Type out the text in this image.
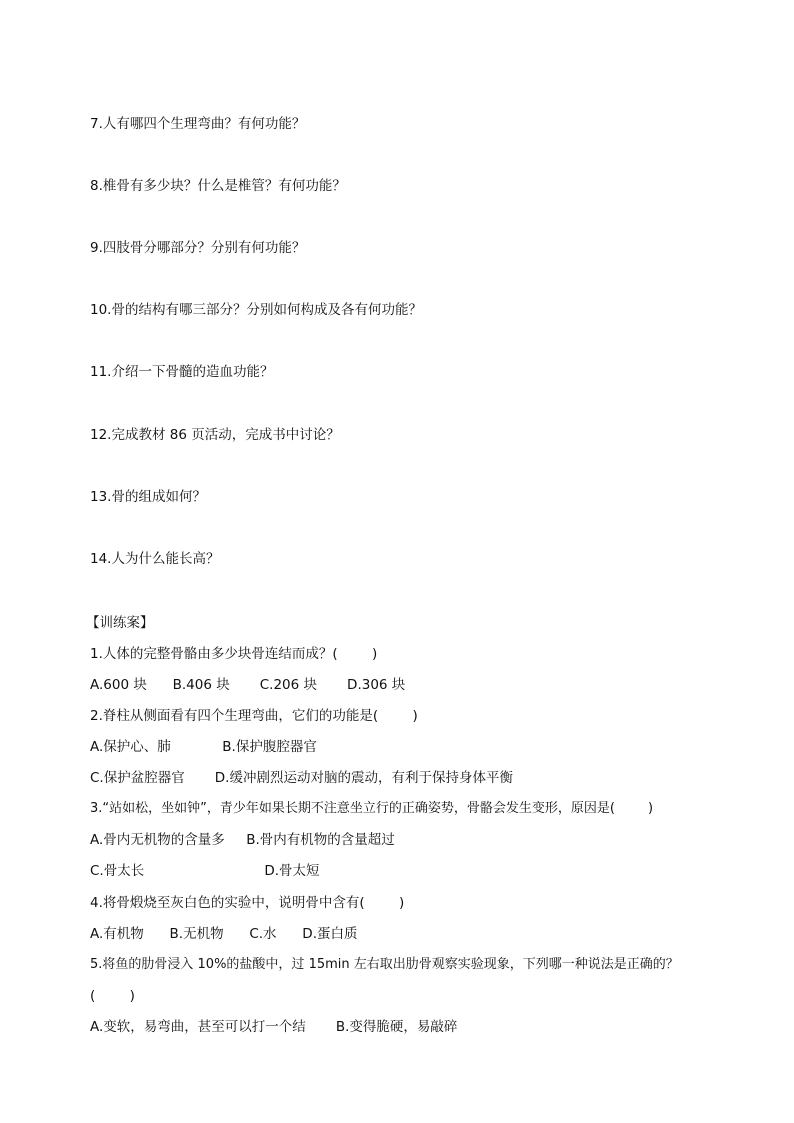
7.人有哪四个生理弯曲？有何功能？
8.椎骨有多少块？什么是椎管？有何功能？
9.四肢骨分哪部分？分别有何功能？
10.骨的结构有哪三部分？分别如何构成及各有何功能？
11.介绍一下骨髓的造血功能？
12.完成教材 86 页活动，完成书中讨论？
13.骨的组成如何？
14.人为什么能长高？
【训练案】
1.人体的完整骨骼由多少块骨连结而成？(        )
A.600 块      B.406 块       C.206 块       D.306 块
2.脊柱从侧面看有四个生理弯曲，它们的功能是(        )
A.保护心、肺            B.保护腹腔器官
C.保护盆腔器官       D.缓冲剧烈运动对脑的震动，有利于保持身体平衡
3.“站如松，坐如钟”，青少年如果长期不注意坐立行的正确姿势，骨骼会发生变形，原因是(        )
A.骨内无机物的含量多     B.骨内有机物的含量超过
C.骨太长                            D.骨太短
4.将骨煅烧至灰白色的实验中，说明骨中含有(        )
A.有机物      B.无机物      C.水      D.蛋白质
5.将鱼的肋骨浸入 10%的盐酸中，过 15min 左右取出肋骨观察实验现象，下列哪一种说法是正确的？
(        )
A.变软，易弯曲，甚至可以打一个结       B.变得脆硬，易敲碎
